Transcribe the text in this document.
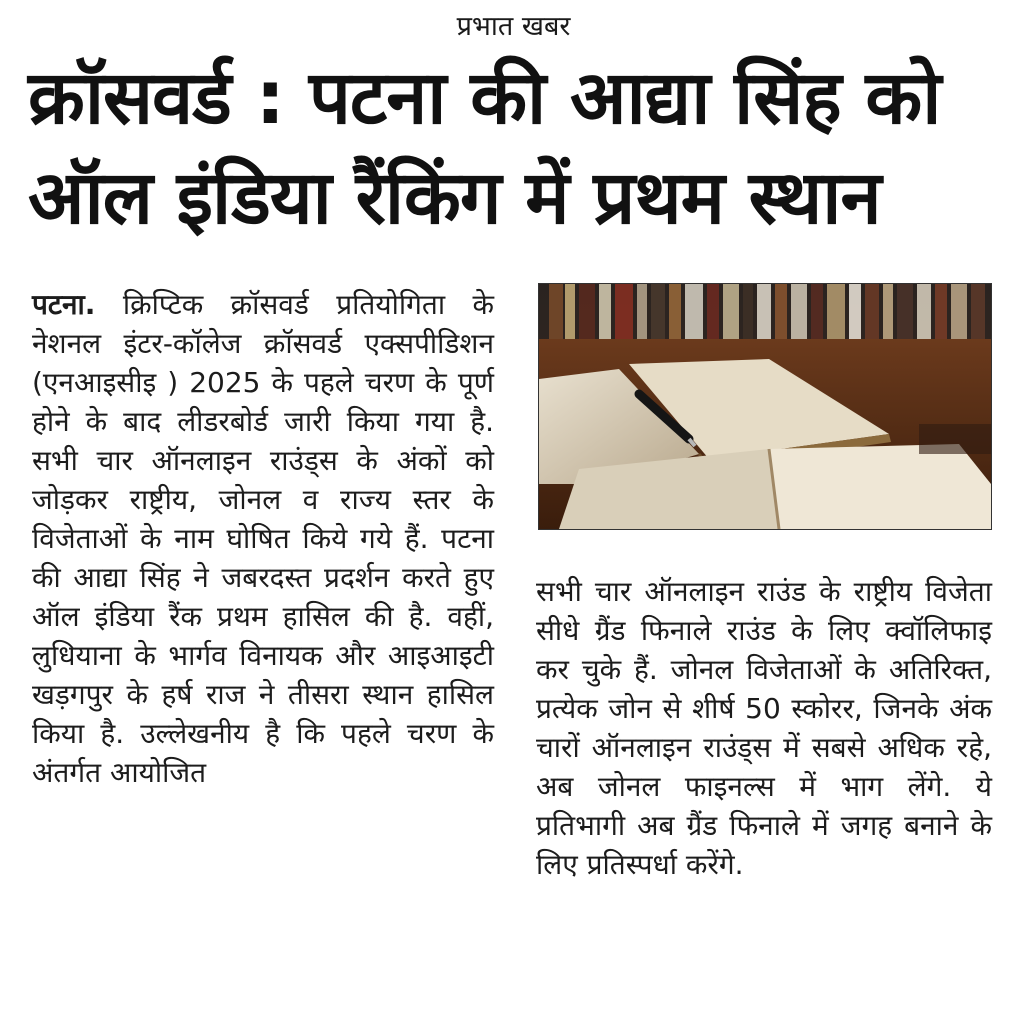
प्रभात खबर
क्रॉसवर्ड : पटना की आद्या सिंह को
ऑल इंडिया रैंकिंग में प्रथम स्थान
पटना. क्रिप्टिक क्रॉसवर्ड प्रतियोगिता के नेशनल इंटर-कॉलेज क्रॉसवर्ड एक्सपीडिशन (एनआइसीइ ) 2025 के पहले चरण के पूर्ण होने के बाद लीडरबोर्ड जारी किया गया है. सभी चार ऑनलाइन राउंड्स के अंकों को जोड़कर राष्ट्रीय, जोनल व राज्य स्तर के विजेताओं के नाम घोषित किये गये हैं. पटना की आद्या सिंह ने जबरदस्त प्रदर्शन करते हुए ऑल इंडिया रैंक प्रथम हासिल की है. वहीं, लुधियाना के भार्गव विनायक और आइआइटी खड़गपुर के हर्ष राज ने तीसरा स्थान हासिल किया है. उल्लेखनीय है कि पहले चरण के अंतर्गत आयोजित
सभी चार ऑनलाइन राउंड के राष्ट्रीय विजेता सीधे ग्रैंड फिनाले राउंड के लिए क्वॉलिफाइ कर चुके हैं. जोनल विजेताओं के अतिरिक्त, प्रत्येक जोन से शीर्ष 50 स्कोरर, जिनके अंक चारों ऑनलाइन राउंड्स में सबसे अधिक रहे, अब जोनल फाइनल्स में भाग लेंगे. ये प्रतिभागी अब ग्रैंड फिनाले में जगह बनाने के लिए प्रतिस्पर्धा करेंगे.
